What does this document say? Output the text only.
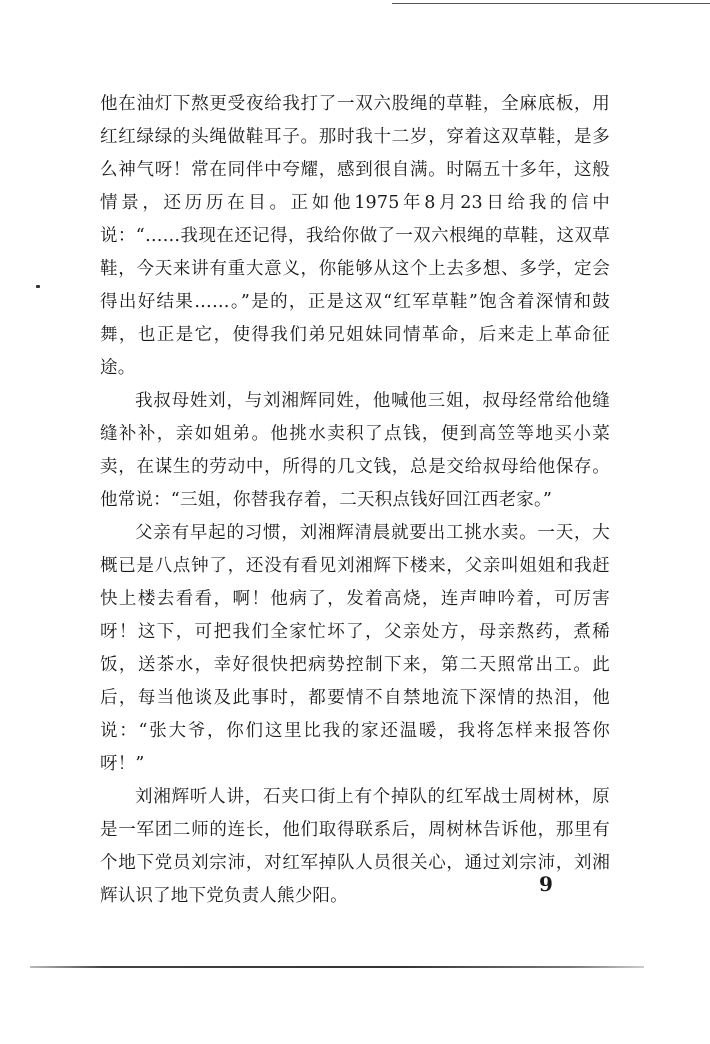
他在油灯下熬更受夜给我打了一双六股绳的草鞋，全麻底板，用红红绿绿的头绳做鞋耳子。那时我十二岁，穿着这双草鞋，是多么神气呀！常在同伴中夸耀，感到很自满。时隔五十多年，这般情景，还历历在目。正如他1975年8月23日给我的信中说：“……我现在还记得，我给你做了一双六根绳的草鞋，这双草鞋，今天来讲有重大意义，你能够从这个上去多想、多学，定会得出好结果……。”是的，正是这双“红军草鞋”饱含着深情和鼓舞，也正是它，使得我们弟兄姐妹同情革命，后来走上革命征途。

我叔母姓刘，与刘湘辉同姓，他喊他三姐，叔母经常给他缝缝补补，亲如姐弟。他挑水卖积了点钱，便到高笠等地买小菜卖，在谋生的劳动中，所得的几文钱，总是交给叔母给他保存。他常说：“三姐，你替我存着，二天积点钱好回江西老家。”

父亲有早起的习惯，刘湘辉清晨就要出工挑水卖。一天，大概已是八点钟了，还没有看见刘湘辉下楼来，父亲叫姐姐和我赶快上楼去看看，啊！他病了，发着高烧，连声呻吟着，可厉害呀！这下，可把我们全家忙坏了，父亲处方，母亲熬药，煮稀饭，送茶水，幸好很快把病势控制下来，第二天照常出工。此后，每当他谈及此事时，都要情不自禁地流下深情的热泪，他说：“张大爷，你们这里比我的家还温暖，我将怎样来报答你呀！”

刘湘辉听人讲，石夹口街上有个掉队的红军战士周树林，原是一军团二师的连长，他们取得联系后，周树林告诉他，那里有个地下党员刘宗沛，对红军掉队人员很关心，通过刘宗沛，刘湘辉认识了地下党负责人熊少阳。	9
